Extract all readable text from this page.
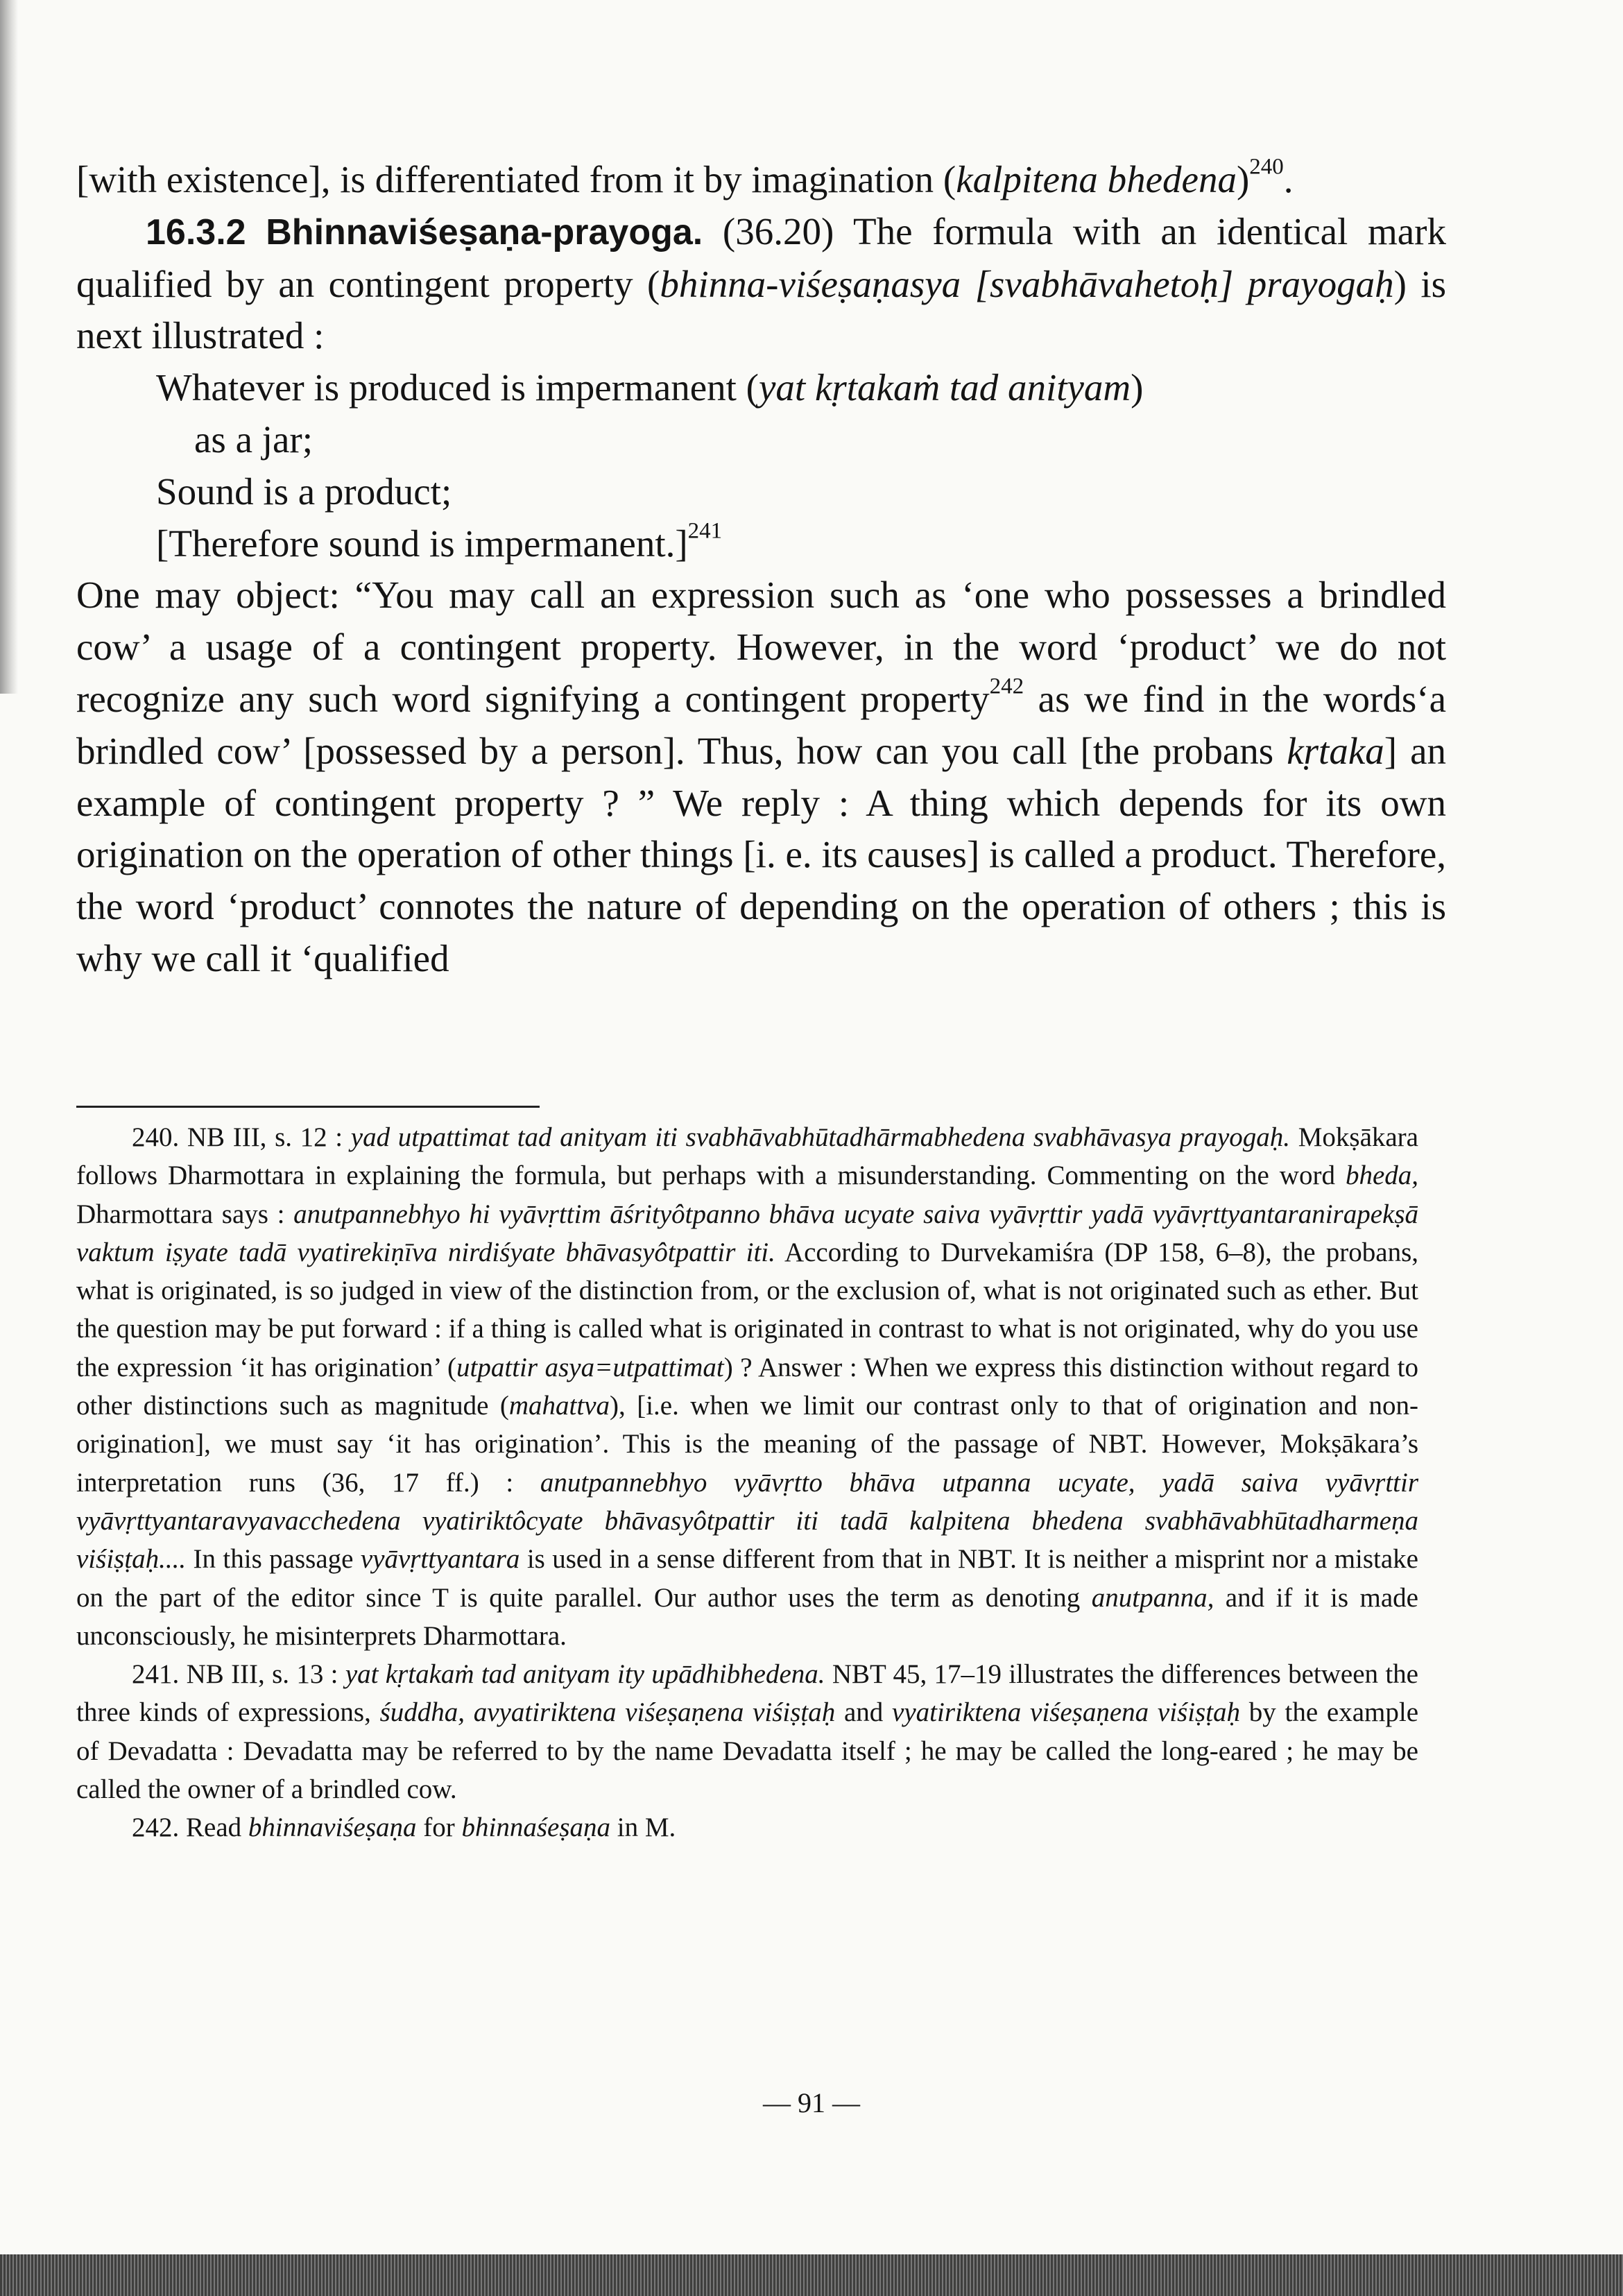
[with existence], is differentiated from it by imagination (kalpitena bhedena)$^{240}$.

16.3.2 Bhinnaviśeṣaṇa-prayoga. (36.20) The formula with an identical mark qualified by an contingent property (bhinna-viśeṣaṇasya [svabhāvahetoḥ] prayogaḥ) is next illustrated :

Whatever is produced is impermanent (yat kṛtakaṁ tad anityam)

as a jar;

Sound is a product;

[Therefore sound is impermanent.]$^{241}$

One may object: “You may call an expression such as ‘one who possesses a brindled cow’ a usage of a contingent property. However, in the word ‘product’ we do not recognize any such word signifying a contingent property$^{242}$ as we find in the words‘a brindled cow’ [possessed by a person]. Thus, how can you call [the probans kṛtaka] an example of contingent property ? ” We reply : A thing which depends for its own origination on the operation of other things [i. e. its causes] is called a product. Therefore, the word ‘product’ connotes the nature of depending on the operation of others ; this is why we call it ‘qualified

240. NB III, s. 12 : yad utpattimat tad anityam iti svabhāvabhūtadhārmabhedena svabhāvasya prayogaḥ. Mokṣākara follows Dharmottara in explaining the formula, but perhaps with a misunderstanding. Commenting on the word bheda, Dharmottara says : anutpannebhyo hi vyāvṛttim āśrityôtpanno bhāva ucyate saiva vyāvṛttir yadā vyāvṛttyantaranirapekṣā vaktum iṣyate tadā vyatirekiṇīva nirdiśyate bhāvasyôtpattir iti. According to Durvekamiśra (DP 158, 6–8), the probans, what is originated, is so judged in view of the distinction from, or the exclusion of, what is not originated such as ether. But the question may be put forward : if a thing is called what is originated in contrast to what is not originated, why do you use the expression ‘it has origination’ (utpattir asya=utpattimat) ? Answer : When we express this distinction without regard to other distinctions such as magnitude (mahattva), [i.e. when we limit our contrast only to that of origination and non-origination], we must say ‘it has origination’. This is the meaning of the passage of NBT. However, Mokṣākara’s interpretation runs (36, 17 ff.) : anutpannebhyo vyāvṛtto bhāva utpanna ucyate, yadā saiva vyāvṛttir vyāvṛttyantaravyavacchedena vyatiriktôcyate bhāvasyôtpattir iti tadā kalpitena bhedena svabhāvabhūtadharmeṇa viśiṣṭaḥ.... In this passage vyāvṛttyantara is used in a sense different from that in NBT. It is neither a misprint nor a mistake on the part of the editor since T is quite parallel. Our author uses the term as denoting anutpanna, and if it is made unconsciously, he misinterprets Dharmottara.

241. NB III, s. 13 : yat kṛtakaṁ tad anityam ity upādhibhedena. NBT 45, 17–19 illustrates the differences between the three kinds of expressions, śuddha, avyatiriktena viśeṣaṇena viśiṣṭaḥ and vyatiriktena viśeṣaṇena viśiṣṭaḥ by the example of Devadatta : Devadatta may be referred to by the name Devadatta itself ; he may be called the long-eared ; he may be called the owner of a brindled cow.

242. Read bhinnaviśeṣaṇa for bhinnaśeṣaṇa in M.

— 91 —
